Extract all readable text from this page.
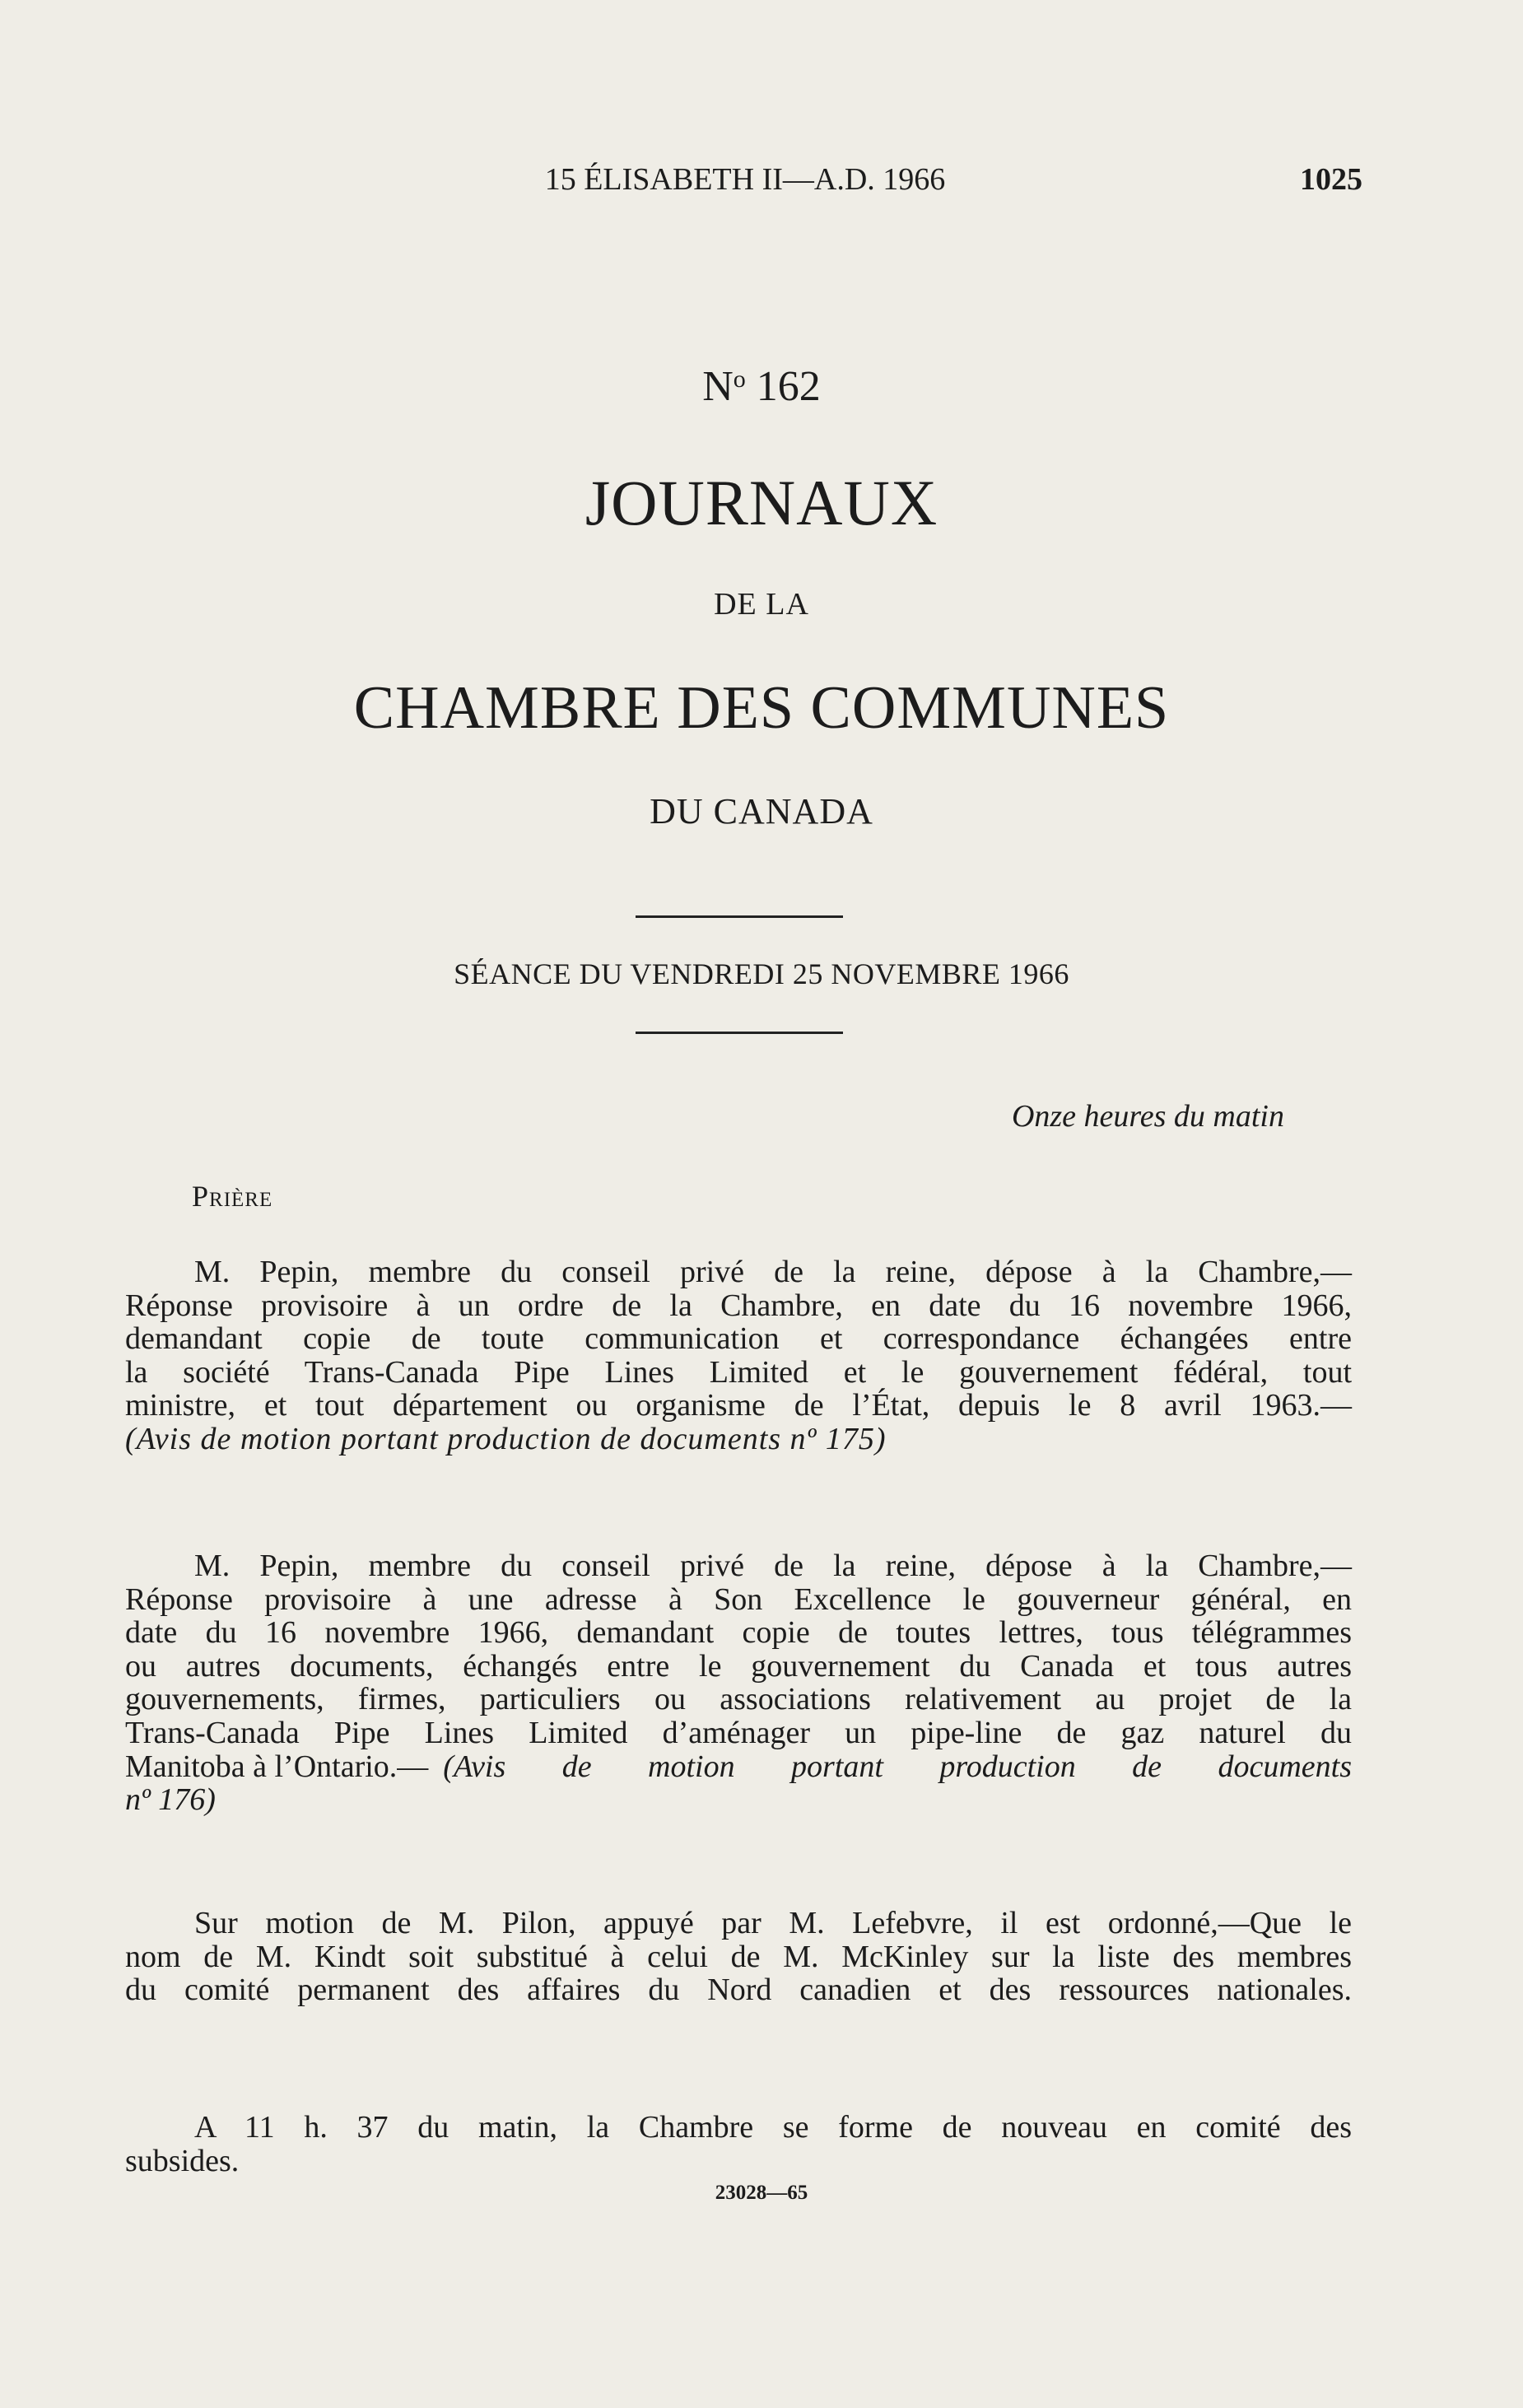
15 ÉLISABETH II—A.D. 1966	1025
$N^o$ 162
JOURNAUX
DE LA
CHAMBRE DES COMMUNES
DU CANADA
SÉANCE DU VENDREDI 25 NOVEMBRE 1966
Onze heures du matin
Prière
M. Pepin, membre du conseil privé de la reine, dépose à la Chambre,—
Réponse provisoire à un ordre de la Chambre, en date du 16 novembre 1966,
demandant copie de toute communication et correspondance échangées entre
la société Trans-Canada Pipe Lines Limited et le gouvernement fédéral, tout
ministre, et tout département ou organisme de l’État, depuis le 8 avril 1963.—
(Avis de motion portant production de documents nº 175)
M. Pepin, membre du conseil privé de la reine, dépose à la Chambre,—
Réponse provisoire à une adresse à Son Excellence le gouverneur général, en
date du 16 novembre 1966, demandant copie de toutes lettres, tous télégrammes
ou autres documents, échangés entre le gouvernement du Canada et tous autres
gouvernements, firmes, particuliers ou associations relativement au projet de la
Trans-Canada Pipe Lines Limited d’aménager un pipe-line de gaz naturel du
Manitoba à l’Ontario.— (Avis de motion portant production de documents
nº 176)
Sur motion de M. Pilon, appuyé par M. Lefebvre, il est ordonné,—Que le
nom de M. Kindt soit substitué à celui de M. McKinley sur la liste des membres
du comité permanent des affaires du Nord canadien et des ressources nationales.
A 11 h. 37 du matin, la Chambre se forme de nouveau en comité des
subsides.
23028—65
